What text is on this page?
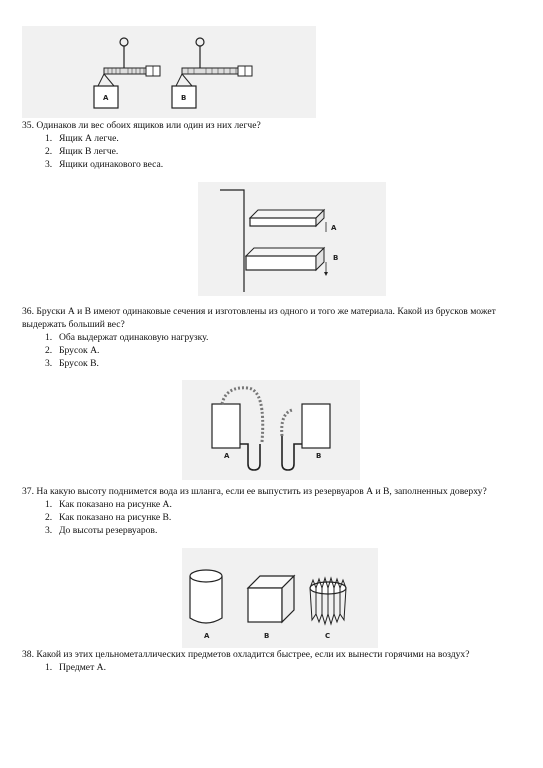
A	B
35. Одинаков ли вес обоих ящиков или один из них легче?
1. Ящик А легче.
2. Ящик В легче.
3. Ящики одинакового веса.
A
B
36. Бруски А и В имеют одинаковые сечения и изготовлены из одного и того же материала. Какой из брусков может выдержать больший вес?
1. Оба выдержат одинаковую нагрузку.
2. Брусок А.
3. Брусок В.
A	B
37. На какую высоту поднимется вода из шланга, если ее выпустить из резервуаров А и В, заполненных доверху?
1. Как показано на рисунке А.
2. Как показано на рисунке В.
3. До высоты резервуаров.
A	B	C
38. Какой из этих цельнометаллических предметов охладится быстрее, если их вынести горячими на воздух?
1. Предмет А.
